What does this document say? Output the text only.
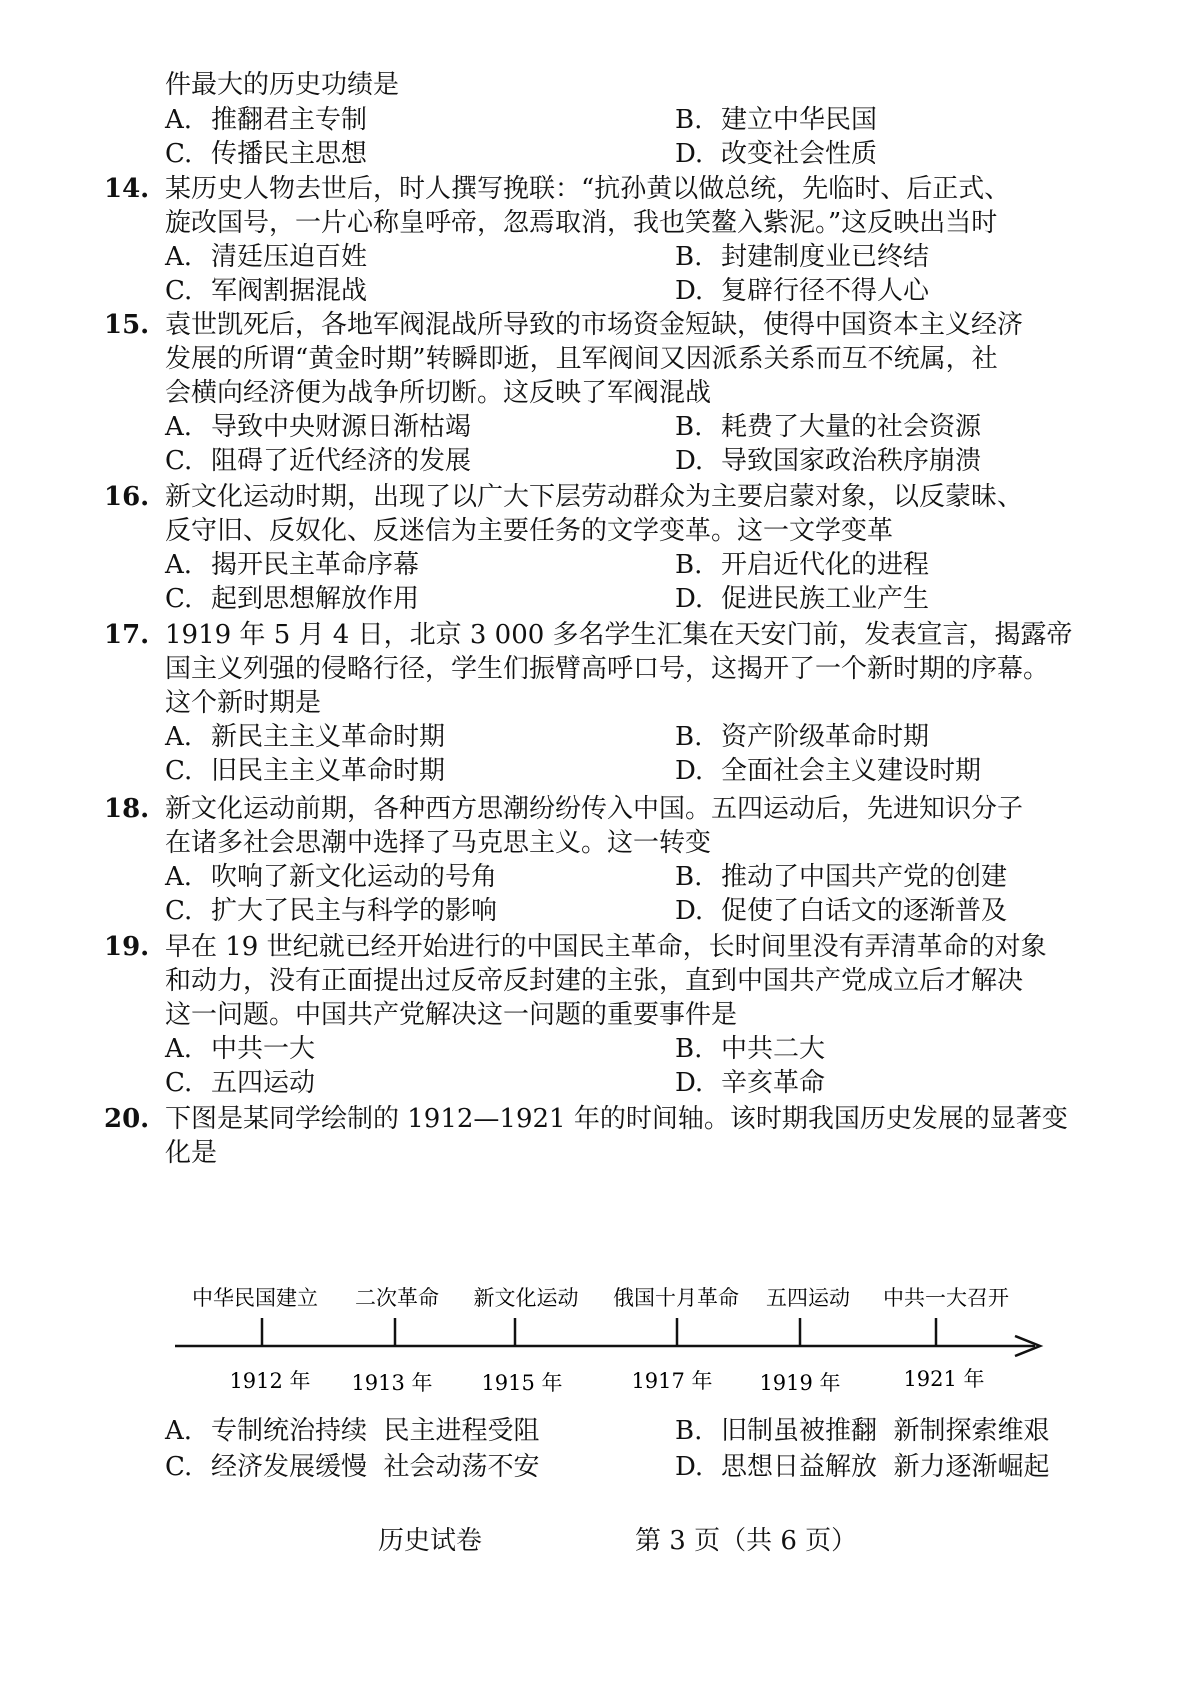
件最大的历史功绩是
A. 推翻君主专制	B. 建立中华民国
C. 传播民主思想	D. 改变社会性质
14. 某历史人物去世后，时人撰写挽联：“抗孙黄以做总统，先临时、后正式、
旋改国号，一片心称皇呼帝，忽焉取消，我也笑鳌入紫泥。”这反映出当时
A. 清廷压迫百姓	B. 封建制度业已终结
C. 军阀割据混战	D. 复辟行径不得人心
15. 袁世凯死后，各地军阀混战所导致的市场资金短缺，使得中国资本主义经济
发展的所谓“黄金时期”转瞬即逝，且军阀间又因派系关系而互不统属，社
会横向经济便为战争所切断。这反映了军阀混战
A. 导致中央财源日渐枯竭	B. 耗费了大量的社会资源
C. 阻碍了近代经济的发展	D. 导致国家政治秩序崩溃
16. 新文化运动时期，出现了以广大下层劳动群众为主要启蒙对象，以反蒙昧、
反守旧、反奴化、反迷信为主要任务的文学变革。这一文学变革
A. 揭开民主革命序幕	B. 开启近代化的进程
C. 起到思想解放作用	D. 促进民族工业产生
17. 1919 年 5 月 4 日，北京 3 000 多名学生汇集在天安门前，发表宣言，揭露帝
国主义列强的侵略行径，学生们振臂高呼口号，这揭开了一个新时期的序幕。
这个新时期是
A. 新民主主义革命时期	B. 资产阶级革命时期
C. 旧民主主义革命时期	D. 全面社会主义建设时期
18. 新文化运动前期，各种西方思潮纷纷传入中国。五四运动后，先进知识分子
在诸多社会思潮中选择了马克思主义。这一转变
A. 吹响了新文化运动的号角	B. 推动了中国共产党的创建
C. 扩大了民主与科学的影响	D. 促使了白话文的逐渐普及
19. 早在 19 世纪就已经开始进行的中国民主革命，长时间里没有弄清革命的对象
和动力，没有正面提出过反帝反封建的主张，直到中国共产党成立后才解决
这一问题。中国共产党解决这一问题的重要事件是
A. 中共一大	B. 中共二大
C. 五四运动	D. 辛亥革命
20. 下图是某同学绘制的 1912—1921 年的时间轴。该时期我国历史发展的显著变
化是
中华民国建立 二次革命 新文化运动 俄国十月革命 五四运动 中共一大召开
1912 年 1913 年 1915 年	1917 年 1919 年	1921 年
A. 专制统治持续  民主进程受阻	B. 旧制虽被推翻  新制探索维艰
C. 经济发展缓慢  社会动荡不安	D. 思想日益解放  新力逐渐崛起
历史试卷	第 3 页（共 6 页）
